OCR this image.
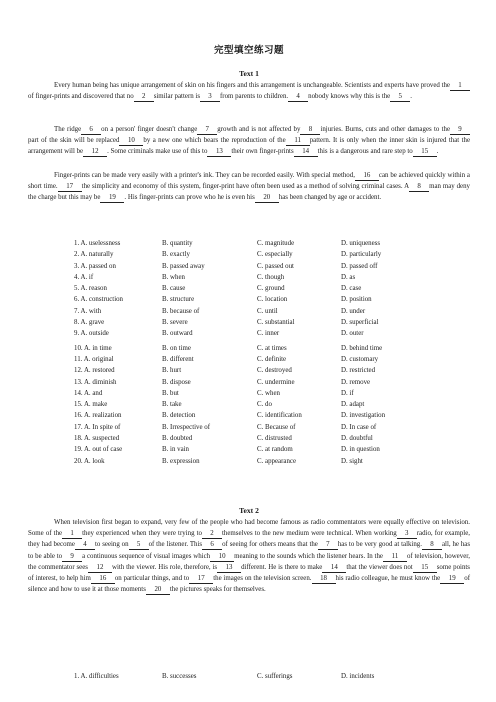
完型填空练习题
Text 1

Every human being has unique arrangement of skin on his fingers and this arrangement is unchangeable. Scientists and experts have proved the 1of finger-prints and discovered that no 2 similar pattern is 3 from parents to children. 4 nobody knows why this is the 5 .

The ridge 6 on a person' finger doesn't change 7 growth and is not affected by 8 injuries. Burns, cuts and other damages to the 9part of the skin will be replaced 10 by a new one which bears the reproduction of the 11 pattern. It is only when the inner skin is injured that the arrangement will be 12 . Some criminals make use of this to 13 their own finger-prints 14 this is a dangerous and rare step to 15 .

Finger-prints can be made very easily with a printer's ink. They can be recorded easily. With special method, 16 can be achieved quickly within a short time. 17 the simplicity and economy of this system, finger-print have often been used as a method of solving criminal cases. A 8 man may deny the charge but this may be 19 . His finger-prints can prove who he is even his 20 has been changed by age or accident.

1. A. uselessness	B. quantity	C. magnitude	D. uniqueness
2. A. naturally	B. exactly	C. especially	D. particularly
3. A. passed on	B. passed away	C. passed out	D. passed off
4. A. if	B. when	C. though	D. as
5. A. reason	B. cause	C. ground	D. case
6. A. construction	B. structure	C. location	D. position
7. A. with	B. because of	C. until	D. under
8. A. grave	B. severe	C. substantial	D. superficial
9. A. outside	B. outward	C. inner	D. outer
10. A. in time	B. on time	C. at times	D. behind time
11. A. original	B. different	C. definite	D. customary
12. A. restored	B. hurt	C. destroyed	D. restricted
13. A. diminish	B. dispose	C. undermine	D. remove
14. A. and	B. but	C. when	D. if
15. A. make	B. take	C. do	D. adapt
16. A. realization	B. detection	C. identification	D. investigation
17. A. In spite of	B. Irrespective of	C. Because of	D. In case of
18. A. suspected	B. doubted	C. distrusted	D. doubtful
19. A. out of case	B. in vain	C. at random	D. in question
20. A. look	B. expression	C. appearance	D. sight
Text 2

When television first began to expand, very few of the people who had become famous as radio commentators were equally effective on television. Some of the 1 they experienced when they were trying to 2 themselves to the new medium were technical. When working 3 radio, for example, they had become 4 to seeing on 5 of the listener. This 6 of seeing for others means that the 7 has to be very good at talking. 8 all, he has to be able to 9 a continuous sequence of visual images which 10 meaning to the sounds which the listener hears. In the 11 of television, however, the commentator sees 12 with the viewer. His role, therefore, is 13 different. He is there to make 14 that the viewer does not 15 some points of interest, to help him 16 on particular things, and to 17 the images on the television screen. 18 his radio colleague, he must know the 19 of silence and how to use it at those moments 20 the pictures speaks for themselves.

1. A. difficulties	B. successes	C. sufferings	D. incidents
